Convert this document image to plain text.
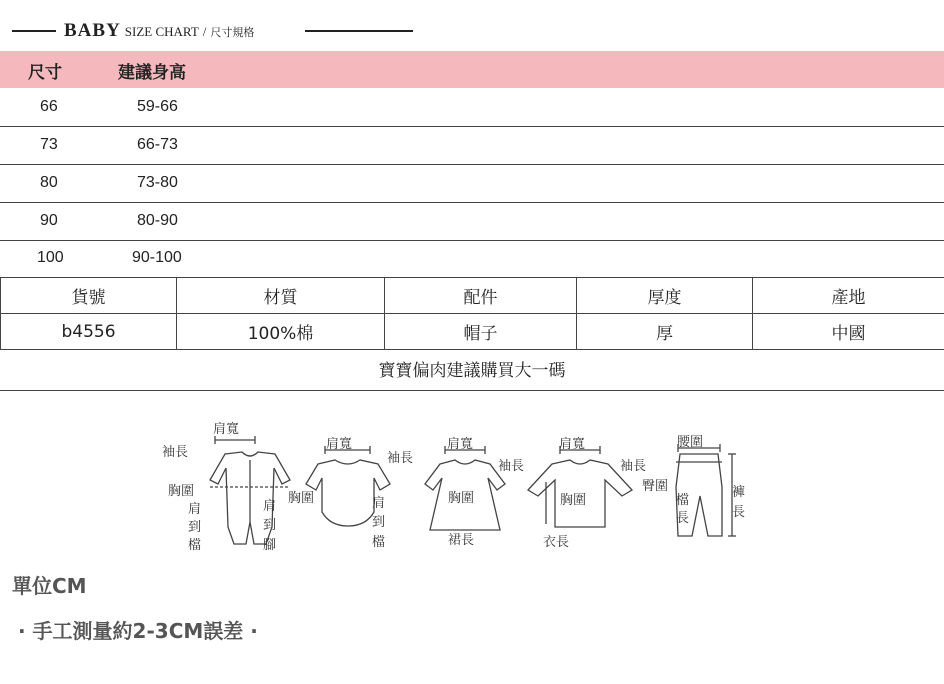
BABY SIZE CHART / 尺寸規格
尺寸	建議身高
66	59-66
73	66-73
80	73-80
90	80-90
100	90-100
貨號	材質	配件	厚度	產地
b4556	100%棉	帽子	厚	中國
寶寶偏肉建議購買大一碼
肩寬
袖長
胸圍
肩
到
檔
肩
到
腳
肩寬
袖長
胸圍	肩
到
檔
肩寬
袖長
胸圍
裙長
肩寬
袖長
胸圍
衣長
腰圍
臀圍
檔
長
褲
長
單位CM
· 手工測量約2-3CM誤差 ·
